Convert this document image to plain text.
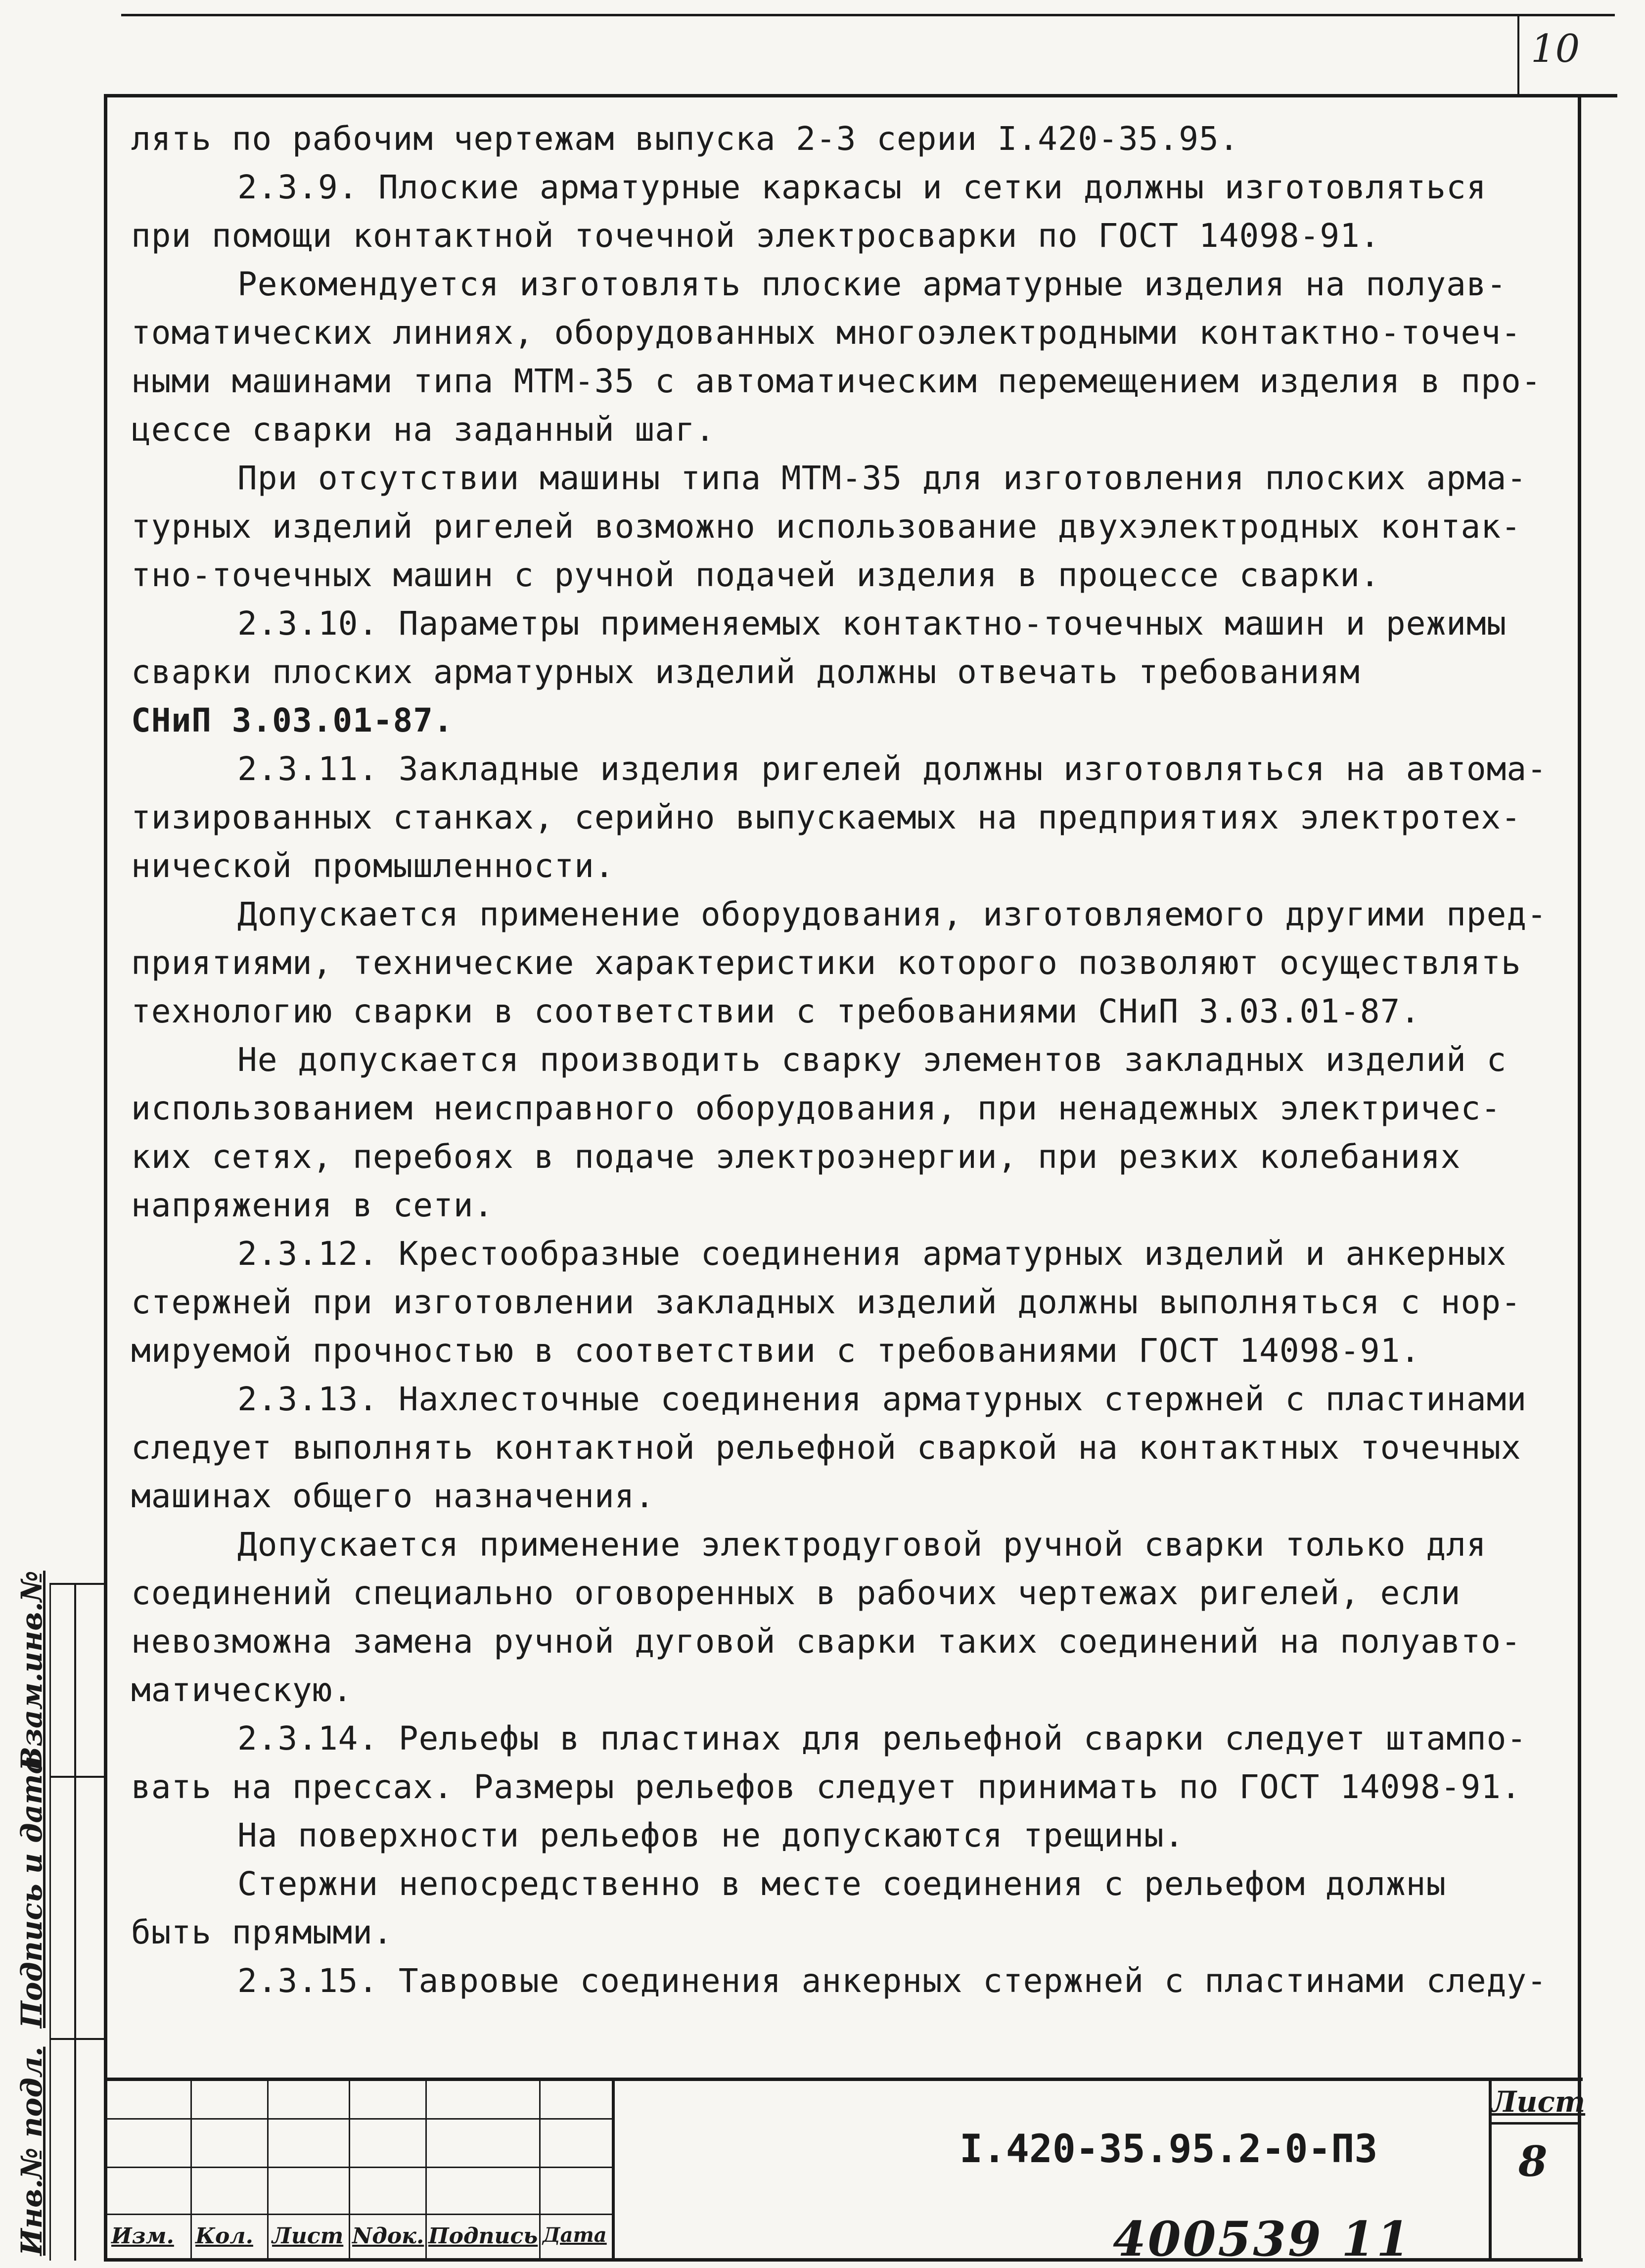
10
лять по рабочим чертежам выпуска 2-3 серии I.420-35.95.
2.3.9. Плоские арматурные каркасы и сетки должны изготовляться
при помощи контактной точечной электросварки по ГОСТ 14098-91.
Рекомендуется изготовлять плоские арматурные изделия на полуав-
томатических линиях, оборудованных многоэлектродными контактно-точеч-
ными машинами типа МТМ-35 с автоматическим перемещением изделия в про-
цессе сварки на заданный шаг.
При отсутствии машины типа МТМ-35 для изготовления плоских арма-
турных изделий ригелей возможно использование двухэлектродных контак-
тно-точечных машин с ручной подачей изделия в процессе сварки.
2.3.10. Параметры применяемых контактно-точечных машин и режимы
сварки плоских арматурных изделий должны отвечать требованиям
СНиП 3.03.01-87.
2.3.11. Закладные изделия ригелей должны изготовляться на автома-
тизированных станках, серийно выпускаемых на предприятиях электротех-
нической промышленности.
Допускается применение оборудования, изготовляемого другими пред-
приятиями, технические характеристики которого позволяют осуществлять
технологию сварки в соответствии с требованиями СНиП 3.03.01-87.
Не допускается производить сварку элементов закладных изделий с
использованием неисправного оборудования, при ненадежных электричес-
ких сетях, перебоях в подаче электроэнергии, при резких колебаниях
напряжения в сети.
2.3.12. Крестообразные соединения арматурных изделий и анкерных
стержней при изготовлении закладных изделий должны выполняться с нор-
мируемой прочностью в соответствии с требованиями ГОСТ 14098-91.
2.3.13. Нахлесточные соединения арматурных стержней с пластинами
следует выполнять контактной рельефной сваркой на контактных точечных
машинах общего назначения.
Допускается применение электродуговой ручной сварки только для
соединений специально оговоренных в рабочих чертежах ригелей, если
невозможна замена ручной дуговой сварки таких соединений на полуавто-
матическую.
2.3.14. Рельефы в пластинах для рельефной сварки следует штампо-
вать на прессах. Размеры рельефов следует принимать по ГОСТ 14098-91.
На поверхности рельефов не допускаются трещины.
Стержни непосредственно в месте соединения с рельефом должны
быть прямыми.
2.3.15. Тавровые соединения анкерных стержней с пластинами следу-
Изм. Кол. Лист Nдок. Подпись Дата
I.420-35.95.2-0-ПЗ
Лист
8
400539 11
Взам.инв.№
Подпись и дата
Инв.№ подл.
